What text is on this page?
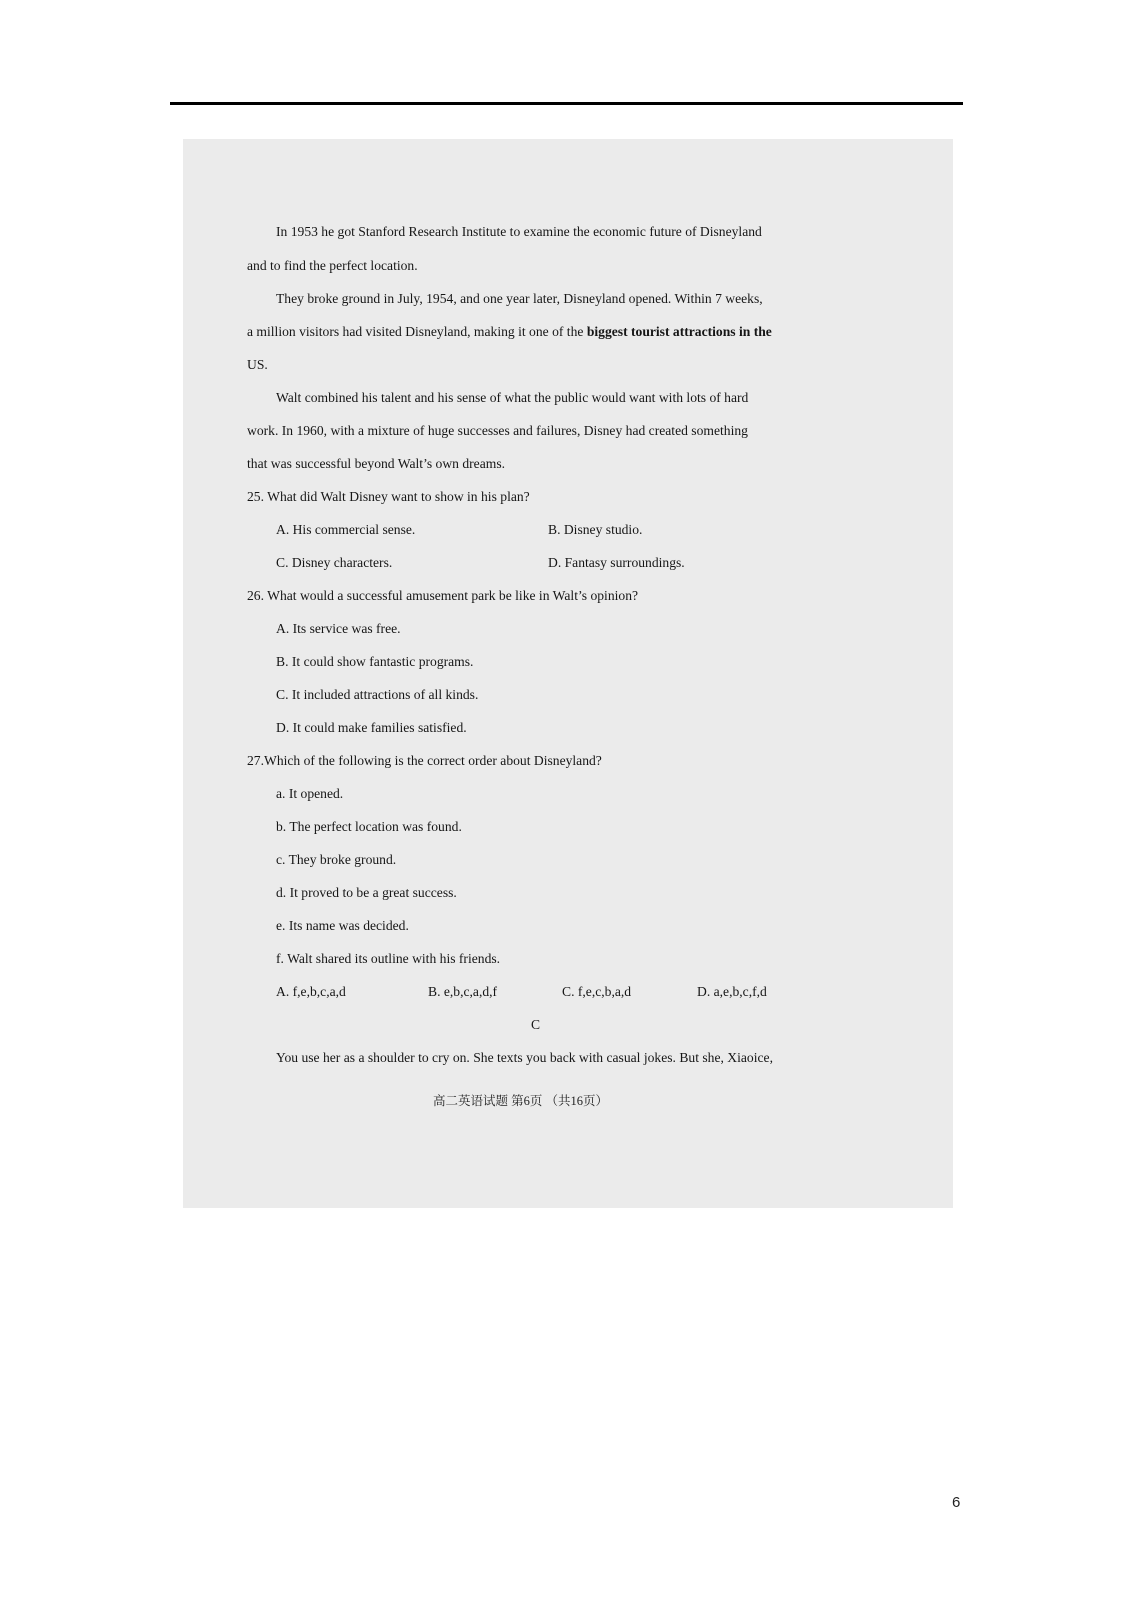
In 1953 he got Stanford Research Institute to examine the economic future of Disneyland
and to find the perfect location.
They broke ground in July, 1954, and one year later, Disneyland opened. Within 7 weeks,
a million visitors had visited Disneyland, making it one of the biggest tourist attractions in the
US.
Walt combined his talent and his sense of what the public would want with lots of hard
work. In 1960, with a mixture of huge successes and failures, Disney had created something
that was successful beyond Walt’s own dreams.
25. What did Walt Disney want to show in his plan?
A. His commercial sense.	B. Disney studio.
C. Disney characters.	D. Fantasy surroundings.
26. What would a successful amusement park be like in Walt’s opinion?
A. Its service was free.
B. It could show fantastic programs.
C. It included attractions of all kinds.
D. It could make families satisfied.
27.Which of the following is the correct order about Disneyland?
a. It opened.
b. The perfect location was found.
c. They broke ground.
d. It proved to be a great success.
e. Its name was decided.
f. Walt shared its outline with his friends.
A. f,e,b,c,a,d	B. e,b,c,a,d,f	C. f,e,c,b,a,d	D. a,e,b,c,f,d
C
You use her as a shoulder to cry on. She texts you back with casual jokes. But she, Xiaoice,
高二英语试题 第6页 （共16页）
6
